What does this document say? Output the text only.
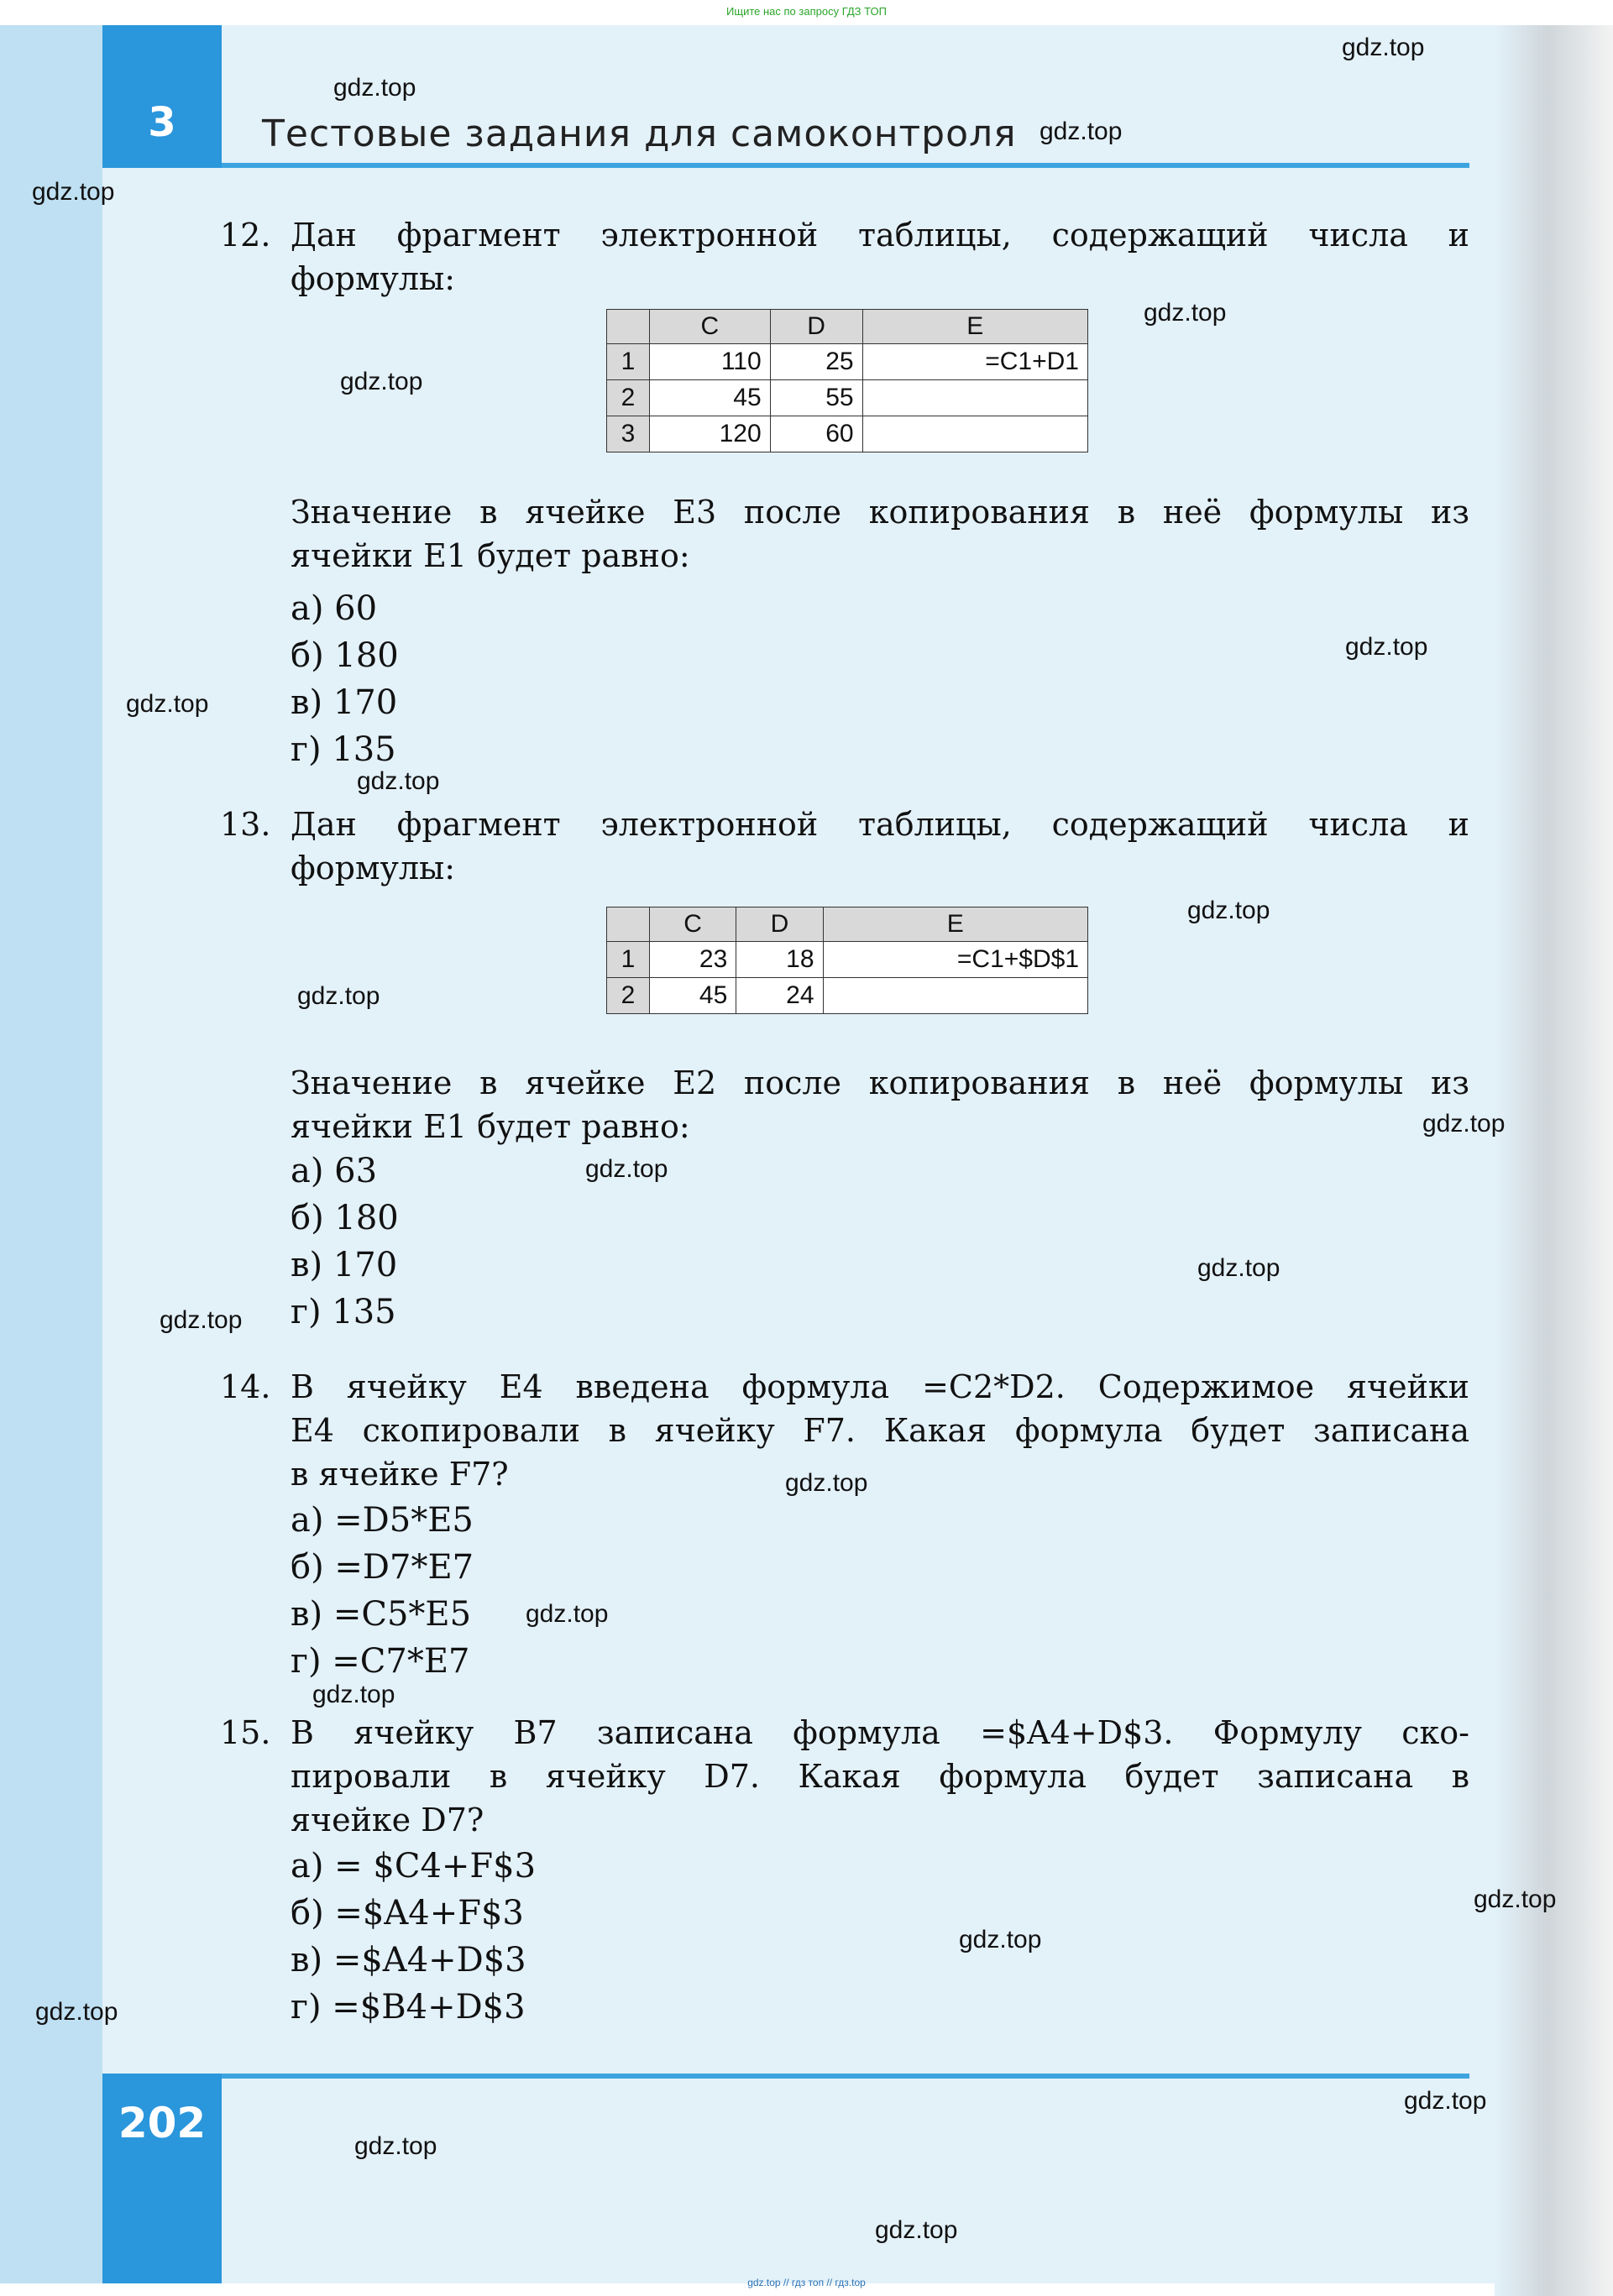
Ищите нас по запросу ГДЗ ТОП
3	Тестовые задания для самоконтроля
12. Дан фрагмент электронной таблицы, содержащий числа и
формулы:
	C	D	E
1	110	25	=C1+D1
2	45	55	
3	120	60	
Значение в ячейке E3 после копирования в неё формулы из
ячейки E1 будет равно:
а) 60
б) 180
в) 170
г) 135
13. Дан фрагмент электронной таблицы, содержащий числа и
формулы:
	C	D	E
1	23	18	=C1+$D$1
2	45	24	
Значение в ячейке E2 после копирования в неё формулы из
ячейки E1 будет равно:
а) 63
б) 180
в) 170
г) 135
14. В ячейку E4 введена формула =C2*D2. Содержимое ячейки
E4 скопировали в ячейку F7. Какая формула будет записана
в ячейке F7?
а) =D5*E5
б) =D7*E7
в) =C5*E5
г) =C7*E7
15. В ячейку B7 записана формула =$A4+D$3. Формулу ско-
пировали в ячейку D7. Какая формула будет записана в
ячейке D7?
а) = $C4+F$3
б) =$A4+F$3
в) =$A4+D$3
г) =$B4+D$3
202
gdz.top
gdz.top
gdz.top
gdz.top
gdz.top
gdz.top
gdz.top
gdz.top
gdz.top
gdz.top
gdz.top
gdz.top
gdz.top
gdz.top
gdz.top
gdz.top
gdz.top
gdz.top
gdz.top
gdz.top
gdz.top
gdz.top
gdz.top
gdz.top
gdz.top // гдз топ // гдз.top
